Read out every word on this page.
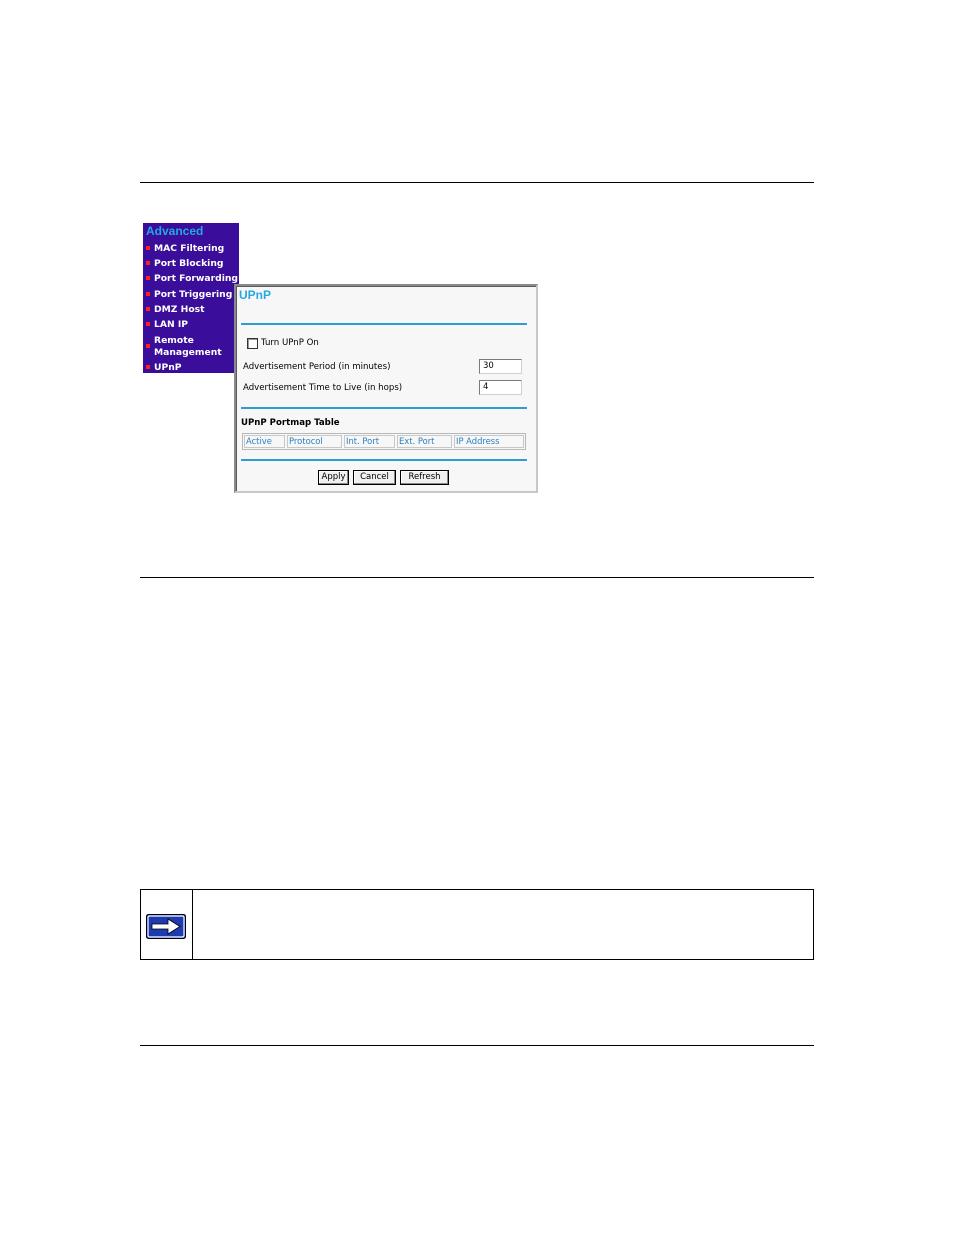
Advanced
MAC Filtering
Port Blocking
Port Forwarding
Port Triggering
DMZ Host
LAN IP
Remote
Management
UPnP
UPnP
Turn UPnP On
Advertisement Period (in minutes)	30
Advertisement Time to Live (in hops)	4
UPnP Portmap Table
Active	Protocol	Int. Port	Ext. Port	IP Address
Apply	Cancel	Refresh
